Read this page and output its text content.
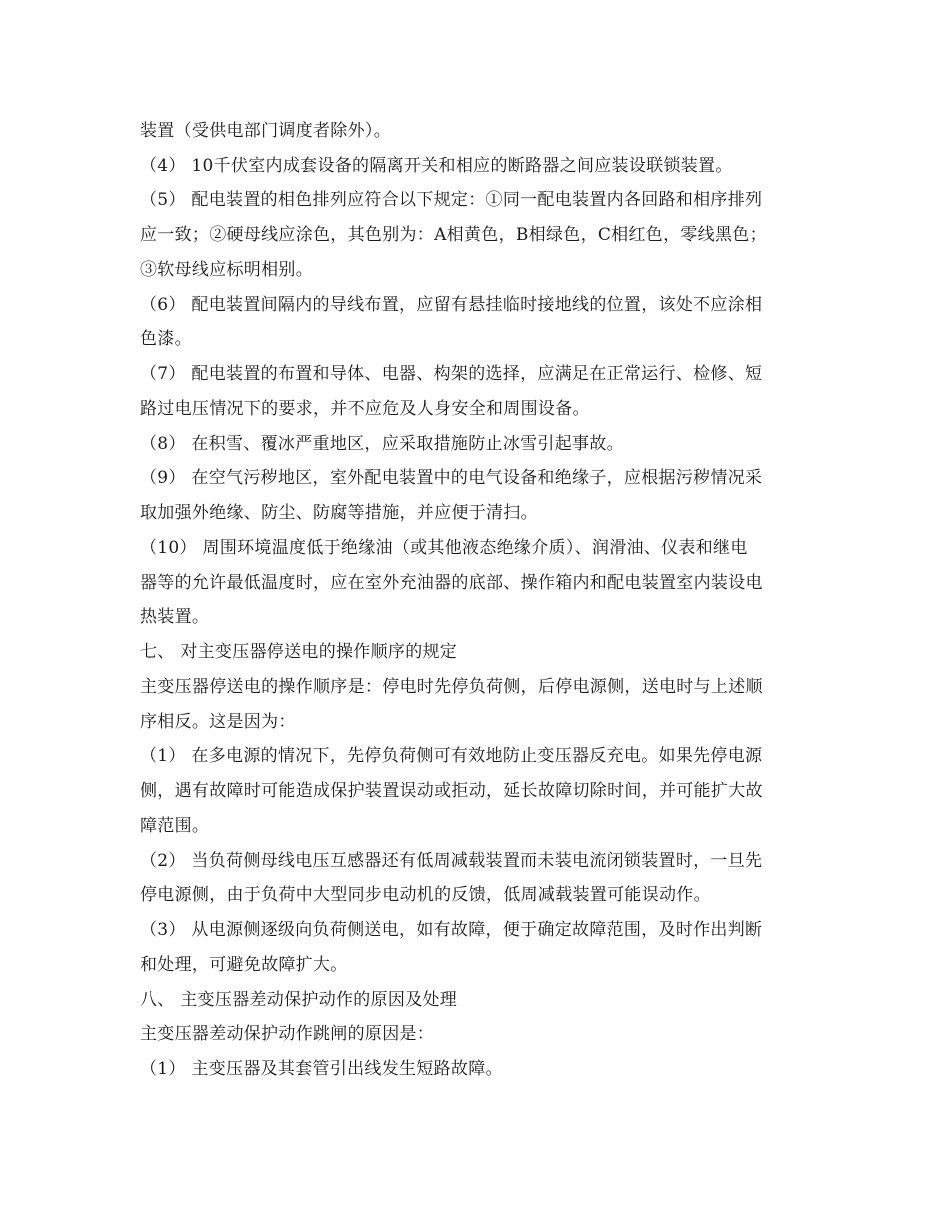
装置（受供电部门调度者除外）。
（4） 10千伏室内成套设备的隔离开关和相应的断路器之间应装设联锁装置。
（5） 配电装置的相色排列应符合以下规定：①同一配电装置内各回路和相序排列
应一致；②硬母线应涂色，其色别为：A相黄色，B相绿色，C相红色，零线黑色；
③软母线应标明相别。
（6） 配电装置间隔内的导线布置，应留有悬挂临时接地线的位置，该处不应涂相
色漆。
（7） 配电装置的布置和导体、电器、构架的选择，应满足在正常运行、检修、短
路过电压情况下的要求，并不应危及人身安全和周围设备。
（8） 在积雪、覆冰严重地区，应采取措施防止冰雪引起事故。
（9） 在空气污秽地区，室外配电装置中的电气设备和绝缘子，应根据污秽情况采
取加强外绝缘、防尘、防腐等措施，并应便于清扫。
（10） 周围环境温度低于绝缘油（或其他液态绝缘介质）、润滑油、仪表和继电
器等的允许最低温度时，应在室外充油器的底部、操作箱内和配电装置室内装设电
热装置。
七、 对主变压器停送电的操作顺序的规定
主变压器停送电的操作顺序是：停电时先停负荷侧，后停电源侧，送电时与上述顺
序相反。这是因为：
（1） 在多电源的情况下，先停负荷侧可有效地防止变压器反充电。如果先停电源
侧，遇有故障时可能造成保护装置误动或拒动，延长故障切除时间，并可能扩大故
障范围。
（2） 当负荷侧母线电压互感器还有低周减载装置而未装电流闭锁装置时，一旦先
停电源侧，由于负荷中大型同步电动机的反馈，低周减载装置可能误动作。
（3） 从电源侧逐级向负荷侧送电，如有故障，便于确定故障范围，及时作出判断
和处理，可避免故障扩大。
八、 主变压器差动保护动作的原因及处理
主变压器差动保护动作跳闸的原因是：
（1） 主变压器及其套管引出线发生短路故障。
